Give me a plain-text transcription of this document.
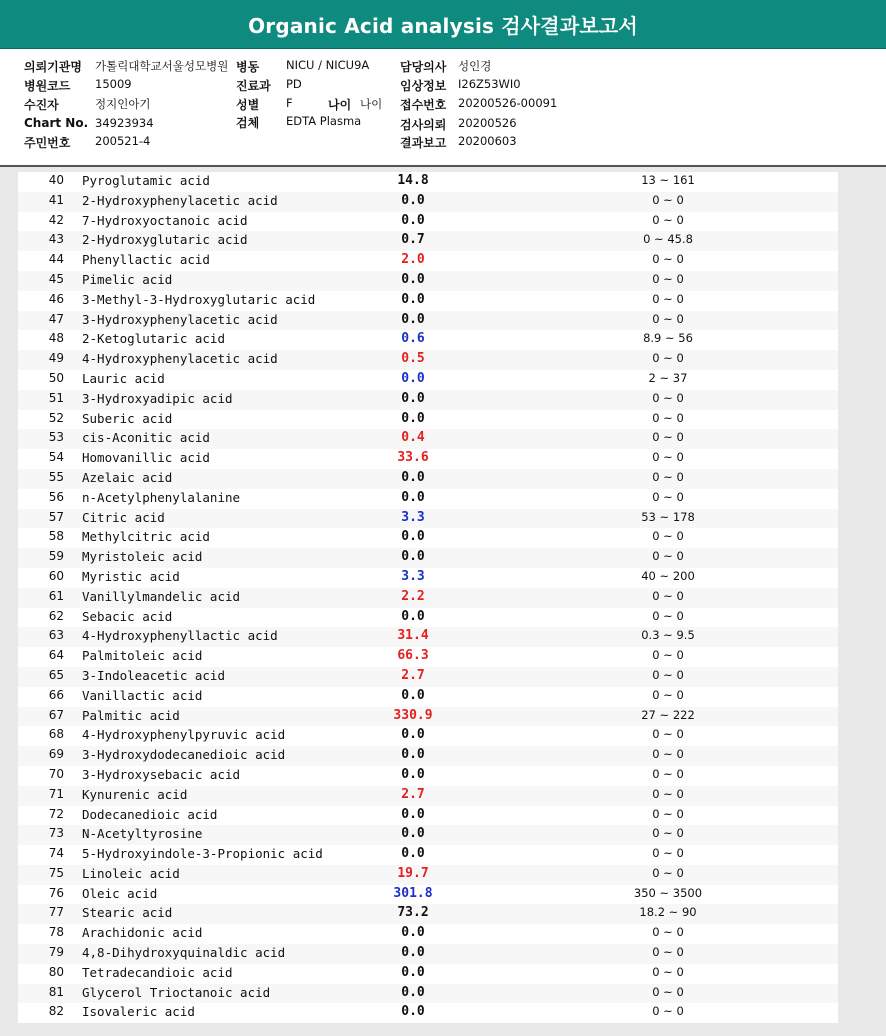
Organic Acid analysis 검사결과보고서
의뢰기관명 가톨릭대학교서울성모병원 병동 NICU / NICU9A	담당의사 성인경
병원코드 15009	진료과 PD	임상정보 I26Z53WI0
수진자	정지인아기	성별 F	나이 나이 접수번호 20200526-00091
Chart No. 34923934	검체 EDTA Plasma	검사의뢰 20200526
주민번호 200521-4	결과보고 20200603
40 Pyroglutamic acid	14.8	13 ~ 161
41 2-Hydroxyphenylacetic acid	0.0	0 ~ 0
42 7-Hydroxyoctanoic acid	0.0	0 ~ 0
43 2-Hydroxyglutaric acid	0.7	0 ~ 45.8
44 Phenyllactic acid	2.0	0 ~ 0
45 Pimelic acid	0.0	0 ~ 0
46 3-Methyl-3-Hydroxyglutaric acid	0.0	0 ~ 0
47 3-Hydroxyphenylacetic acid	0.0	0 ~ 0
48 2-Ketoglutaric acid	0.6	8.9 ~ 56
49 4-Hydroxyphenylacetic acid	0.5	0 ~ 0
50 Lauric acid	0.0	2 ~ 37
51 3-Hydroxyadipic acid	0.0	0 ~ 0
52 Suberic acid	0.0	0 ~ 0
53 cis-Aconitic acid	0.4	0 ~ 0
54 Homovanillic acid	33.6	0 ~ 0
55 Azelaic acid	0.0	0 ~ 0
56 n-Acetylphenylalanine	0.0	0 ~ 0
57 Citric acid	3.3	53 ~ 178
58 Methylcitric acid	0.0	0 ~ 0
59 Myristoleic acid	0.0	0 ~ 0
60 Myristic acid	3.3	40 ~ 200
61 Vanillylmandelic acid	2.2	0 ~ 0
62 Sebacic acid	0.0	0 ~ 0
63 4-Hydroxyphenyllactic acid	31.4	0.3 ~ 9.5
64 Palmitoleic acid	66.3	0 ~ 0
65 3-Indoleacetic acid	2.7	0 ~ 0
66 Vanillactic acid	0.0	0 ~ 0
67 Palmitic acid	330.9	27 ~ 222
68 4-Hydroxyphenylpyruvic acid	0.0	0 ~ 0
69 3-Hydroxydodecanedioic acid	0.0	0 ~ 0
70 3-Hydroxysebacic acid	0.0	0 ~ 0
71 Kynurenic acid	2.7	0 ~ 0
72 Dodecanedioic acid	0.0	0 ~ 0
73 N-Acetyltyrosine	0.0	0 ~ 0
74 5-Hydroxyindole-3-Propionic acid	0.0	0 ~ 0
75 Linoleic acid	19.7	0 ~ 0
76 Oleic acid	301.8	350 ~ 3500
77 Stearic acid	73.2	18.2 ~ 90
78 Arachidonic acid	0.0	0 ~ 0
79 4,8-Dihydroxyquinaldic acid	0.0	0 ~ 0
80 Tetradecandioic acid	0.0	0 ~ 0
81 Glycerol Trioctanoic acid	0.0	0 ~ 0
82 Isovaleric acid	0.0	0 ~ 0
